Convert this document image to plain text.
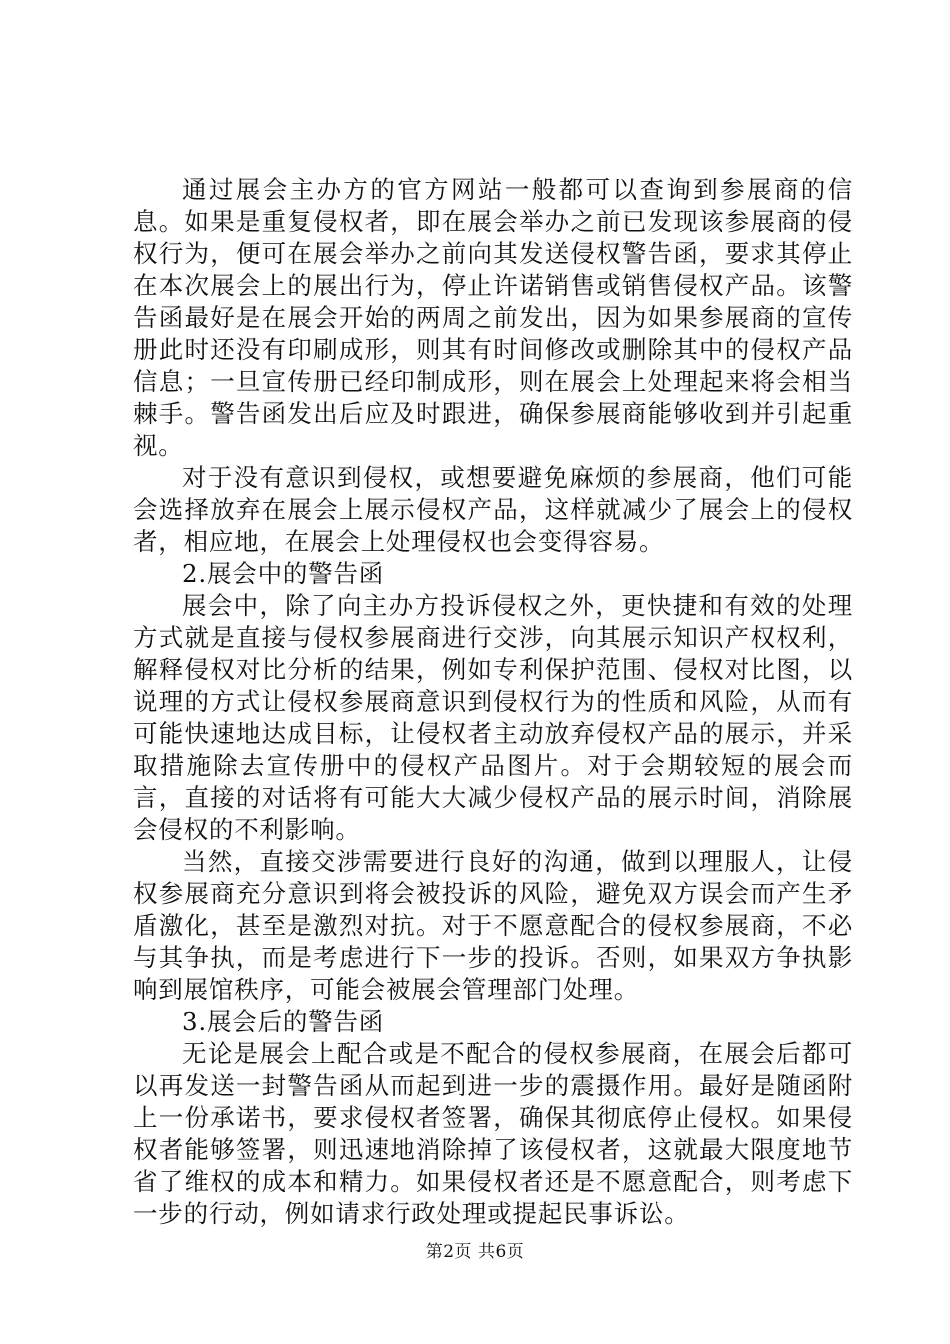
通过展会主办方的官方网站一般都可以查询到参展商的信息。如果是重复侵权者，即在展会举办之前已发现该参展商的侵权行为，便可在展会举办之前向其发送侵权警告函，要求其停止在本次展会上的展出行为，停止许诺销售或销售侵权产品。该警告函最好是在展会开始的两周之前发出，因为如果参展商的宣传册此时还没有印刷成形，则其有时间修改或删除其中的侵权产品信息；一旦宣传册已经印制成形，则在展会上处理起来将会相当棘手。警告函发出后应及时跟进，确保参展商能够收到并引起重视。

对于没有意识到侵权，或想要避免麻烦的参展商，他们可能会选择放弃在展会上展示侵权产品，这样就减少了展会上的侵权者，相应地，在展会上处理侵权也会变得容易。

2.展会中的警告函

展会中，除了向主办方投诉侵权之外，更快捷和有效的处理方式就是直接与侵权参展商进行交涉，向其展示知识产权权利，解释侵权对比分析的结果，例如专利保护范围、侵权对比图，以说理的方式让侵权参展商意识到侵权行为的性质和风险，从而有可能快速地达成目标，让侵权者主动放弃侵权产品的展示，并采取措施除去宣传册中的侵权产品图片。对于会期较短的展会而言，直接的对话将有可能大大减少侵权产品的展示时间，消除展会侵权的不利影响。

当然，直接交涉需要进行良好的沟通，做到以理服人，让侵权参展商充分意识到将会被投诉的风险，避免双方误会而产生矛盾激化，甚至是激烈对抗。对于不愿意配合的侵权参展商，不必与其争执，而是考虑进行下一步的投诉。否则，如果双方争执影响到展馆秩序，可能会被展会管理部门处理。

3.展会后的警告函

无论是展会上配合或是不配合的侵权参展商，在展会后都可以再发送一封警告函从而起到进一步的震摄作用。最好是随函附上一份承诺书，要求侵权者签署，确保其彻底停止侵权。如果侵权者能够签署，则迅速地消除掉了该侵权者，这就最大限度地节省了维权的成本和精力。如果侵权者还是不愿意配合，则考虑下一步的行动，例如请求行政处理或提起民事诉讼。

第2页 共6页
